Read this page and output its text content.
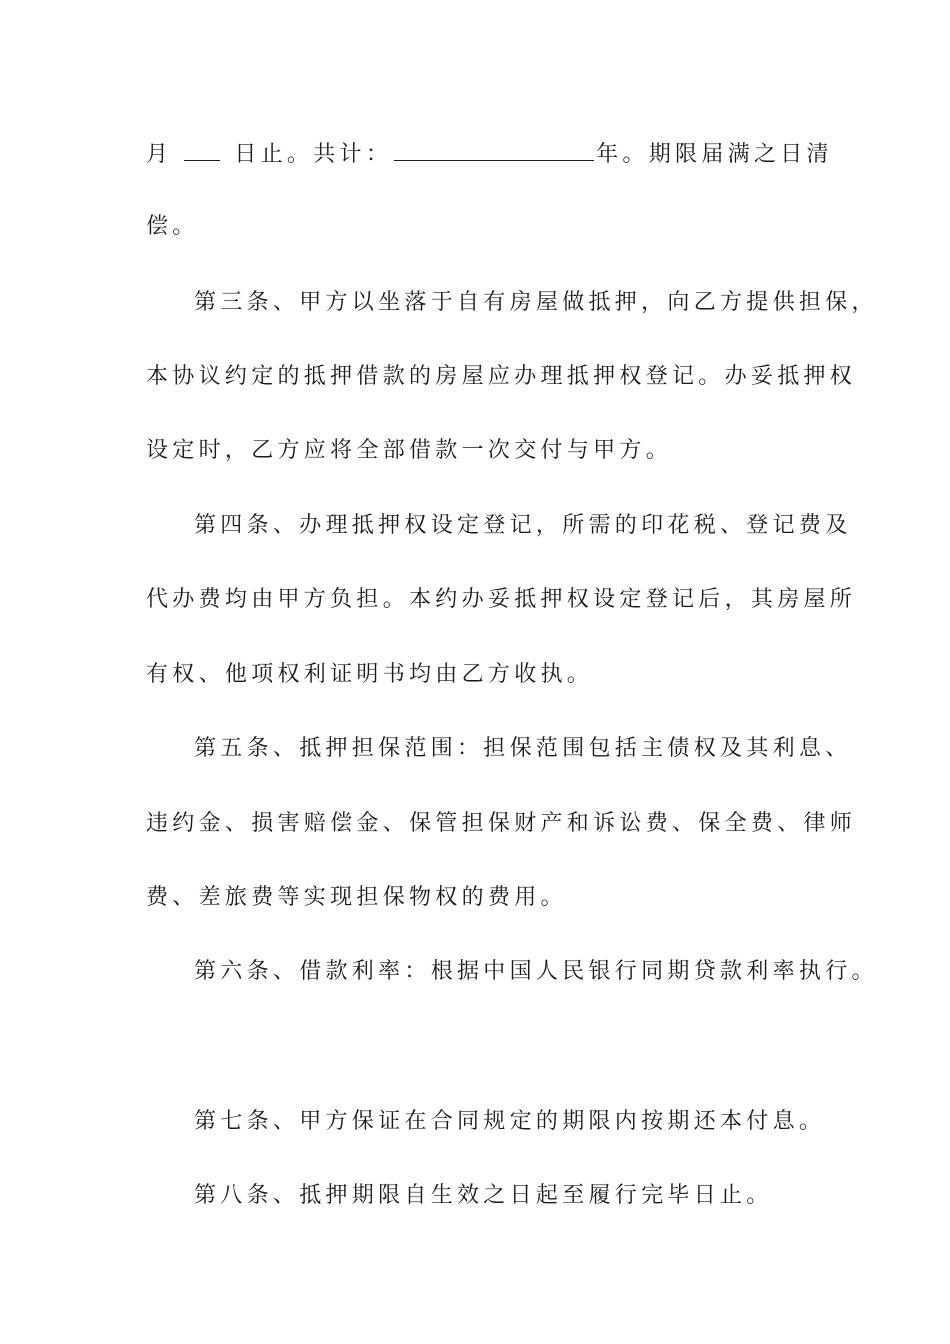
月	日止。共计：	年。期限届满之日清
偿。
第三条、甲方以坐落于自有房屋做抵押，向乙方提供担保，
本协议约定的抵押借款的房屋应办理抵押权登记。办妥抵押权
设定时，乙方应将全部借款一次交付与甲方。
第四条、办理抵押权设定登记，所需的印花税、登记费及
代办费均由甲方负担。本约办妥抵押权设定登记后，其房屋所
有权、他项权利证明书均由乙方收执。
第五条、抵押担保范围：担保范围包括主债权及其利息、
违约金、损害赔偿金、保管担保财产和诉讼费、保全费、律师
费、差旅费等实现担保物权的费用。
第六条、借款利率：根据中国人民银行同期贷款利率执行。
第七条、甲方保证在合同规定的期限内按期还本付息。
第八条、抵押期限自生效之日起至履行完毕日止。
